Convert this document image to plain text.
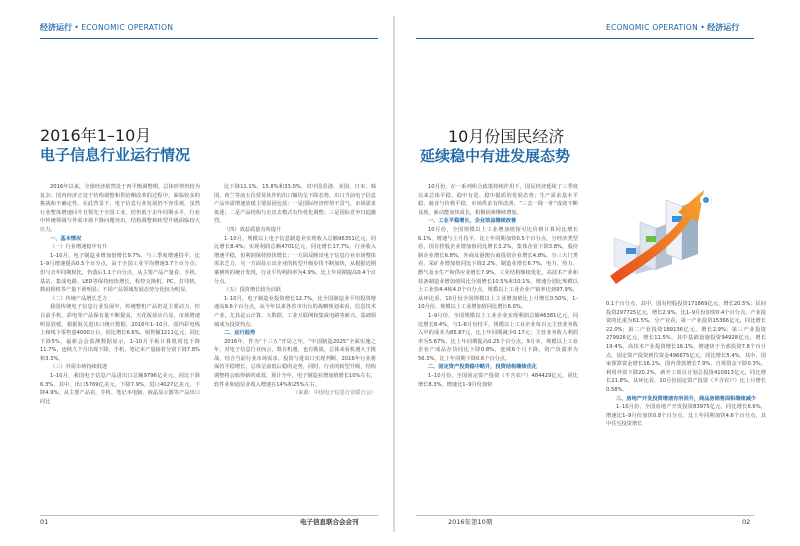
经济运行 • ECONOMIC OPERATION
2016年1–10月
电子信息行业运行情况

2016年以来，全球经济依然处于再平衡调整期，总体形势仍较为复杂；国内经济正处于结构调整和供给侧改革的过程中，面临较多的挑战和不确定性。在此背景下，电子信息行业发展仍不容乐观，虽然行业整体增速回升且领先于全国工业，但仍低于去年同期水平，行业中传统领域与外需市场下降问题突出，结构调整和转型升级面临较大压力。

一、基本情况

（一）行业增速稳中有升

1–10月，电子制造业增加值增长9.7%，与三季度增速持平，比1–9月增速提高0.5个百分点，高于全国工业平均增速3.7个百分点；但与去年同期相比，仍落后1.1个百分点，从主要产品产量看，手机、基站、集成电路、LED等保持较快增长，程控交换机、PC、打印机、数码相机等产量下滑明显；不同产品领域发展态势分化较为明显。

（二）传统产品增长乏力

我国传统电子信息行业发展中，传统整机产品仍是主要动力，但目前手机、彩电等产品保有量不断提高，天花板效应凸显，市场增速明显放缓，根据海关进出口统计数据，2016年1–10月，国内彩电线上和线下零售量4000万台，同比增长6.6%，销售额1211亿元，同比下降5%，最新会会监测数据显示，1–10月平板计算机同比下降11.7%，连续九个月出现下降，手机、笔记本产量接着分别下降7.8%和3.3%。

（三）外需市场持续低迷

1–10月，我国电子信息产品进出口总额9796亿美元，同比下降6.3%，其中，出口5769亿美元，下降7.9%，进口4027亿美元，下降4.9%，从主要产品看，手机、笔记本电脑、液晶显示器等产品出口同比

比下降11.1%、15.8%和33.0%，对中国香港、美国、日本、韩国、荷兰等前五位贸易伙伴的出口额均呈下降态势，出口当前电子信息产品外需增速放缓主要原因包括：一是国际经济形势不景气，市场需求低迷；二是产品结构与走出去模式有待优化调整；三是国际竞争日趋激烈。

（四）效益质量有所提升

1–10月，规模以上电子信息制造业实现收入总额96351亿元，同比增长8.4%；实现利润总额4701亿元，同比增长17.7%，行业收入增速平稳，但利润保持较快增长；一方面反映出电子信息行业市场整体需求乏力，另一方面显示出企业的转型升级步伐不断加快，从根据近期案例所的统计发现，行业平均利润率为4.9%，比上年同期提高0.4个百分点。

（五）投资增长较为活跃

1–10月，电子制造业投资增长12.7%，比全国制造业平均投资增速高9.6个百分点，从今年以来各省市出台的战略规划来看，信息技术产业，尤其是云计算、大数据、工业互联网和集成电路等新兴、基础领域成为投资热点。

二、运行趋势

2016年，作为“十三五”开局之年，“中国制造2025”全面实施之年，对电子信息行业而言，既有机遇，也有挑战，总体来看机遇大于挑战，结合当前行业市场需求，投资与进出口实现判断，2016年行业将保持平稳增长，总体呈前低后稳的走势，同时，行业的转型升级，结构调整将会取得新的成效，预计全年，电子制造业增加值增长10%左右，软件业和通信业收入增速在14%和25%左右。

（来源：中国电子信息行业联合会）

01	电子信息联合会会刊
ECONOMIC OPERATION • 经济运行
10月份国民经济
延续稳中有进发展态势

10月份，在一系列组合政策持续作用下，国民经济延续了三季度以来总体平稳、稳中有进、稳中提质的发展态势；生产需求基本平稳，就业与价格平稳，市场供求有所改善，“三去一降一补”成效不断显现，新动能加快成长，积极因素继续增加。

一、工业平稳增长，企业效益继续改善

10月份，全国规模以上工业增加值按可比价格计算同比增长6.1%，增速与上月持平，比上年同期加快0.5个百分点，分经济类型看，国有控股企业增加值同比增长3.2%，集体企业下降3.8%，股份制企业增长6.8%，外商及港澳台商投资企业增长4.8%，分三大门类看，采矿业增加值同比下降2.2%，制造业增长6.7%，电力、热力、燃气及水生产和供应业增长7.9%，工业结构继续优化，高技术产业和装备制造业增加值同比分别增长10.5%和10.1%，增速分别比规模以上工业快4.4和4.0个百分点，规模以上工业企业产销率达到97.9%，从环比看，10月份全国规模以上工业增加值比上月增长0.50%，1–10月份，规模以上工业增加值同比增长6.0%。

1–9月份，全国规模以上工业企业实现利润总额46381亿元，同比增长8.4%，与1–8月份持平，规模以上工业企业每百元主营业务收入中的成本为85.87元，比上年同期减少0.17元；主营业务收入利润率为5.67%，比上年同期提高0.25个百分点，9月末，规模以上工业企业产成品存货同比下降0.8%，连续6个月下降，资产负债率为56.3%，比上年同期下降0.6个百分点。

二、固定资产投资稳中略升，投资结构继续优化

1–10月份，全国固定资产投资（不含农户）484429亿元，同比增长8.3%，增速比1–9月份加快

0.1个百分点，其中，国有控股投资171869亿元，增长20.5%；民间投资297725亿元，增长2.9%，比1–9月份加快0.4个百分点，产业投资的比重为61.5%，分产业看，第一产业投资15366亿元，同比增长22.0%；第二产业投资189136亿元，增长2.9%；第三产业投资279926亿元，增长11.5%，其中基础设施投资94928亿元，增长19.4%，高技术产业投资增长16.1%，增速快于全部投资7.8个百分点，固定资产投资到位资金496675亿元，同比增长5.4%，其中，国家预算资金增长16.1%，国内贷款增长7.9%，自筹资金下降0.3%，利用外资下降20.2%，新开工项目计划总投资410913亿元，同比增长21.8%，从环比看，10月份固定资产投资（不含农户）比上月增长0.58%。

三、房地产开发投资增速有所回升，商品房销售面积继续减少

1–10月份，全国房地产开发投资83975亿元，同比增长6.6%，增速比1–9月份加快0.8个百分点，比上年同期加快4.6个百分点，其中住宅投资增长

2016年第10期	02
